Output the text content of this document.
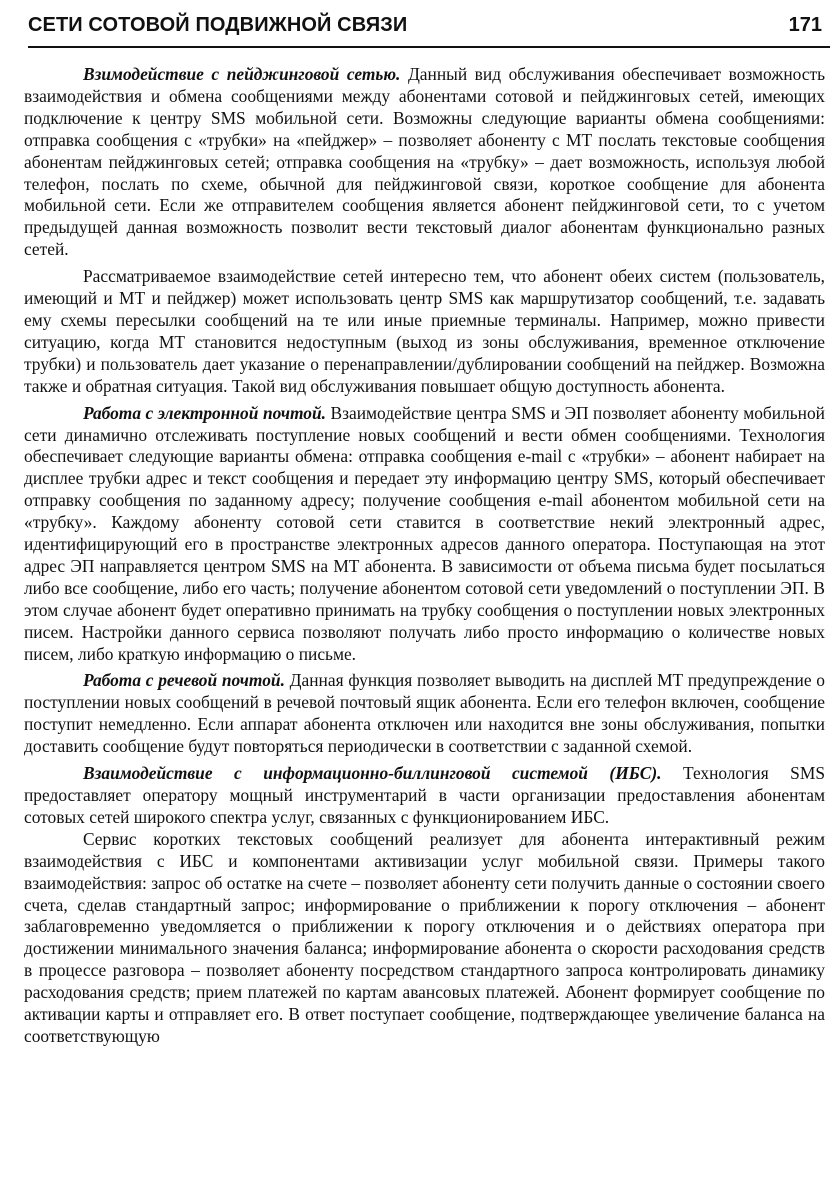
СЕТИ СОТОВОЙ ПОДВИЖНОЙ СВЯЗИ	171

Взимодействие с пейджинговой сетью. Данный вид обслуживания обеспечивает возможность взаимодействия и обмена сообщениями между абонентами сотовой и пейджинговых сетей, имеющих подключение к центру SMS мобильной сети. Возможны следующие варианты обмена сообщениями: отправка сообщения с «трубки» на «пейджер» – позволяет абоненту с МТ послать текстовые сообщения абонентам пейджинговых сетей; отправка сообщения на «трубку» – дает возможность, используя любой телефон, послать по схеме, обычной для пейджинговой связи, короткое сообщение для абонента мобильной сети. Если же отправителем сообщения является абонент пейджинговой сети, то с учетом предыдущей данная возможность позволит вести текстовый диалог абонентам функционально разных сетей.

Рассматриваемое взаимодействие сетей интересно тем, что абонент обеих систем (пользователь, имеющий и МТ и пейджер) может использовать центр SMS как маршрутизатор сообщений, т.е. задавать ему схемы пересылки сообщений на те или иные приемные терминалы. Например, можно привести ситуацию, когда МТ становится недоступным (выход из зоны обслуживания, временное отключение трубки) и пользователь дает указание о перенаправлении/дублировании сообщений на пейджер. Возможна также и обратная ситуация. Такой вид обслуживания повышает общую доступность абонента.

Работа с электронной почтой. Взаимодействие центра SMS и ЭП позволяет абоненту мобильной сети динамично отслеживать поступление новых сообщений и вести обмен сообщениями. Технология обеспечивает следующие варианты обмена: отправка сообщения e-mail с «трубки» – абонент набирает на дисплее трубки адрес и текст сообщения и передает эту информацию центру SMS, который обеспечивает отправку сообщения по заданному адресу; получение сообщения e-mail абонентом мобильной сети на «трубку». Каждому абоненту сотовой сети ставится в соответствие некий электронный адрес, идентифицирующий его в пространстве электронных адресов данного оператора. Поступающая на этот адрес ЭП направляется центром SMS на МТ абонента. В зависимости от объема письма будет посылаться либо все сообщение, либо его часть; получение абонентом сотовой сети уведомлений о поступлении ЭП. В этом случае абонент будет оперативно принимать на трубку сообщения о поступлении новых электронных писем. Настройки данного сервиса позволяют получать либо просто информацию о количестве новых писем, либо краткую информацию о письме.

Работа с речевой почтой. Данная функция позволяет выводить на дисплей МТ предупреждение о поступлении новых сообщений в речевой почтовый ящик абонента. Если его телефон включен, сообщение поступит немедленно. Если аппарат абонента отключен или находится вне зоны обслуживания, попытки доставить сообщение будут повторяться периодически в соответствии с заданной схемой.

Взаимодействие с информационно-биллинговой системой (ИБС). Технология SMS предоставляет оператору мощный инструментарий в части организации предоставления абонентам сотовых сетей широкого спектра услуг, связанных с функционированием ИБС.

Сервис коротких текстовых сообщений реализует для абонента интерактивный режим взаимодействия с ИБС и компонентами активизации услуг мобильной связи. Примеры такого взаимодействия: запрос об остатке на счете – позволяет абоненту сети получить данные о состоянии своего счета, сделав стандартный запрос; информирование о приближении к порогу отключения – абонент заблаговременно уведомляется о приближении к порогу отключения и о действиях оператора при достижении минимального значения баланса; информирование абонента о скорости расходования средств в процессе разговора – позволяет абоненту посредством стандартного запроса контролировать динамику расходования средств; прием платежей по картам авансовых платежей. Абонент формирует сообщение по активации карты и отправляет его. В ответ поступает сообщение, подтверждающее увеличение баланса на соответствующую
